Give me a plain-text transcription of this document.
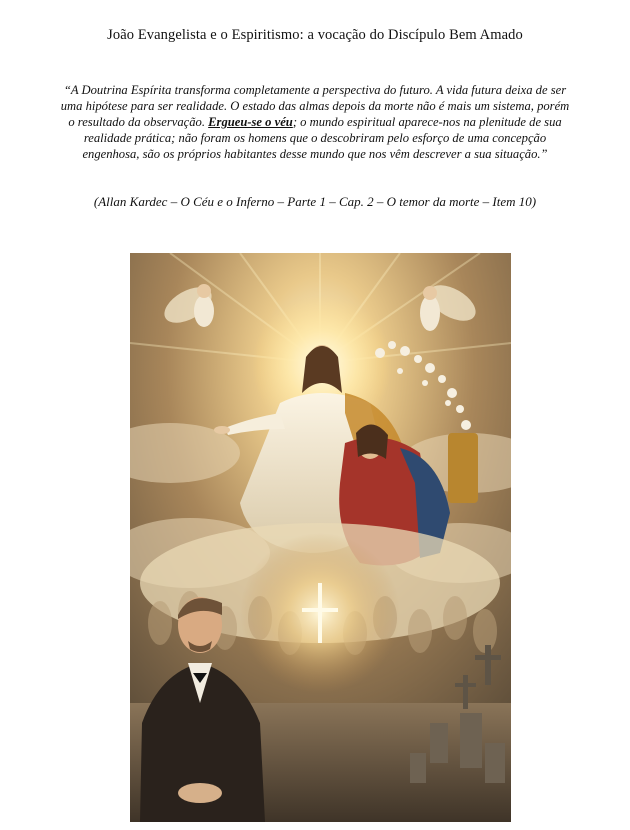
João Evangelista e o Espiritismo: a vocação do Discípulo Bem Amado
“A Doutrina Espírita transforma completamente a perspectiva do futuro. A vida futura deixa de ser uma hipótese para ser realidade. O estado das almas depois da morte não é mais um sistema, porém o resultado da observação. Ergueu-se o véu; o mundo espiritual aparece-nos na plenitude de sua realidade prática; não foram os homens que o descobriram pelo esforço de uma concepção engenhosa, são os próprios habitantes desse mundo que nos vêm descrever a sua situação.”
(Allan Kardec – O Céu e o Inferno – Parte 1 – Cap. 2 – O temor da morte – Item 10)
